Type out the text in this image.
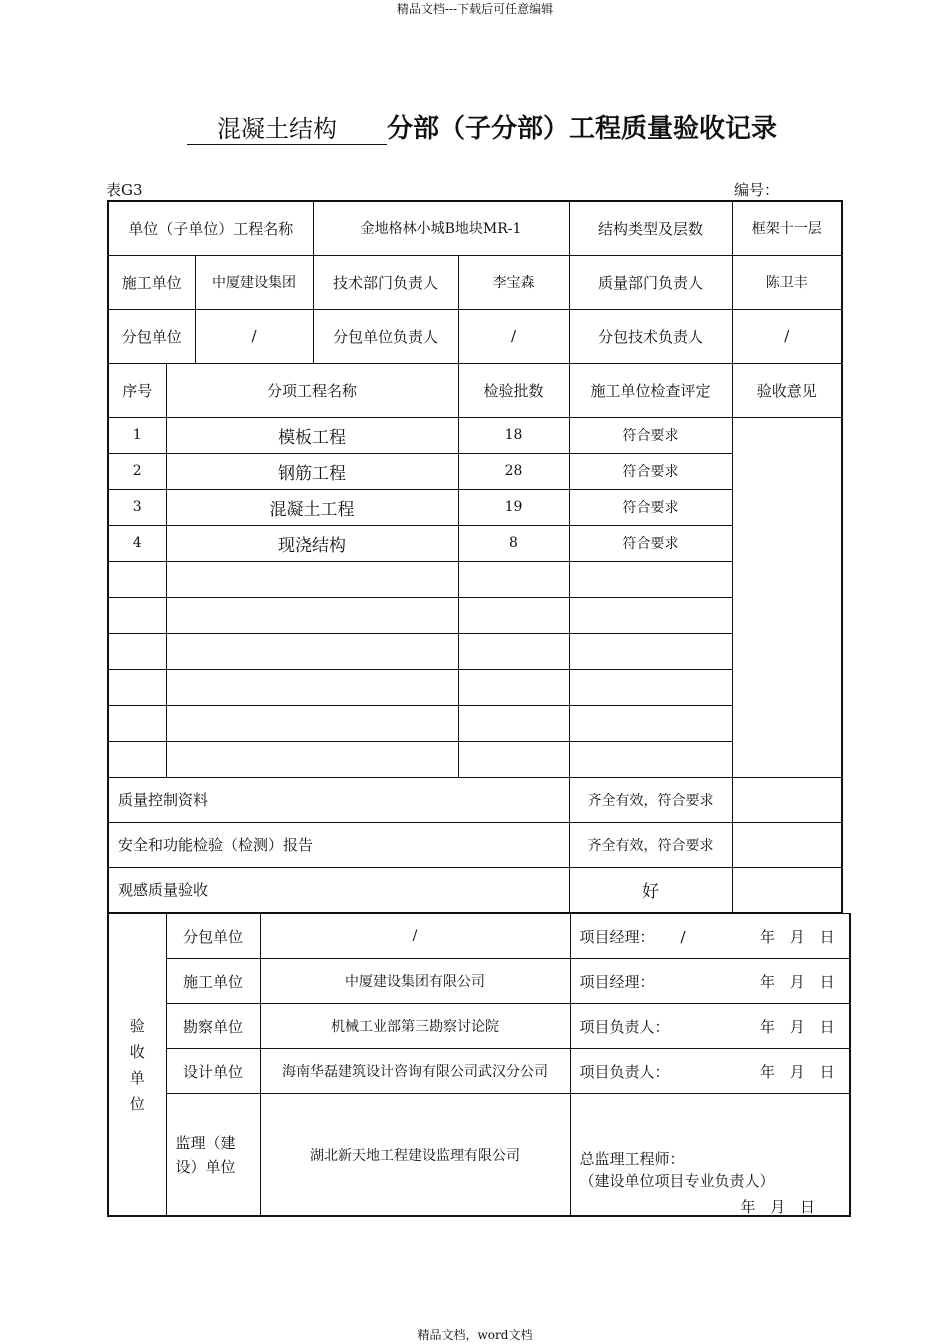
精品文档---下载后可任意编辑
混凝土结构 分部（子分部）工程质量验收记录
表G3	编号：
单位（子单位）工程名称			金地格林小城B地块MR-1		结构类型及层数	框架十一层
施工单位		中厦建设集团	技术部门负责人	李宝森	质量部门负责人	陈卫丰
分包单位		/	分包单位负责人	/	分包技术负责人	/
序号	分项工程名称			检验批数	施工单位检查评定	验收意见
1	模板工程			18	符合要求	
2	钢筋工程			28	符合要求	
3	混凝土工程			19	符合要求	
4	现浇结构			8	符合要求	

质量控制资料					齐全有效，符合要求	
安全和功能检验（检测）报告					齐全有效，符合要求	
观感质量验收					好	
验收单位	分包单位	/	项目经理： /	年 月 日
	施工单位	中厦建设集团有限公司	项目经理：	年 月 日
	勘察单位	机械工业部第三勘察讨论院	项目负责人：	年 月 日
	设计单位	海南华磊建筑设计咨询有限公司武汉分公司	项目负责人：	年 月 日
	监理（建设）单位	湖北新天地工程建设监理有限公司	总监理工程师：
（建设单位项目专业负责人）
年 月 日	
精品文档，word文档
